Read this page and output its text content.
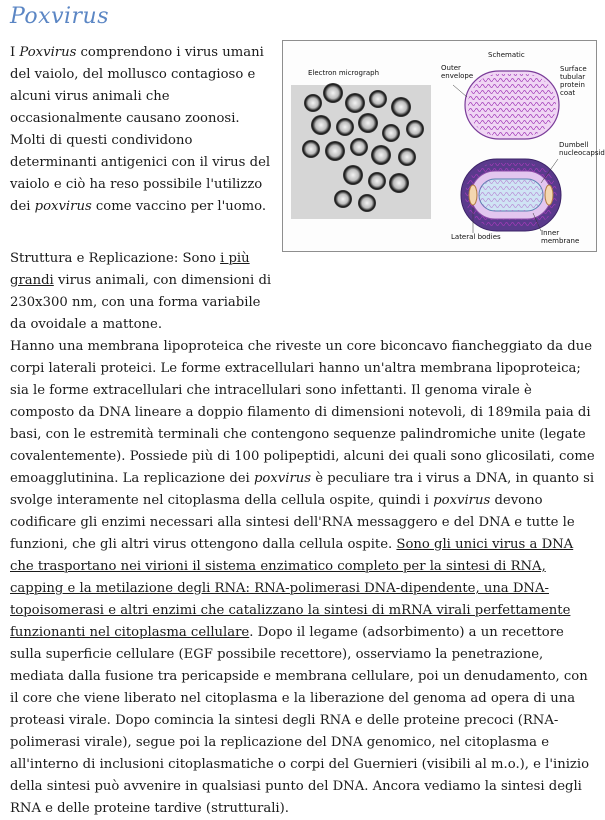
Poxvirus

I Poxvirus comprendono i virus umani del vaiolo, del mollusco contagioso e alcuni virus animali che occasionalmente causano zoonosi. Molti di questi condividono determinanti antigenici con il virus del vaiolo e ciò ha reso possibile l'utilizzo dei poxvirus come vaccino per l'uomo.

Electron micrograph
Schematic
Outer envelope
Surface tubular protein coat
Dumbell nucleocapsid
Lateral bodies	Inner membrane

Struttura e Replicazione: Sono i più grandi virus animali, con dimensioni di 230x300 nm, con una forma variabile da ovoidale a mattone.
Hanno una membrana lipoproteica che riveste un core biconcavo fiancheggiato da due corpi laterali proteici. Le forme extracellulari hanno un'altra membrana lipoproteica; sia le forme extracellulari che intracellulari sono infettanti. Il genoma virale è composto da DNA lineare a doppio filamento di dimensioni notevoli, di 189mila paia di basi, con le estremità terminali che contengono sequenze palindromiche unite (legate covalentemente). Possiede più di 100 polipeptidi, alcuni dei quali sono glicosilati, come emoagglutinina. La replicazione dei poxvirus è peculiare tra i virus a DNA, in quanto si svolge interamente nel citoplasma della cellula ospite, quindi i poxvirus devono codificare gli enzimi necessari alla sintesi dell'RNA messaggero e del DNA e tutte le funzioni, che gli altri virus ottengono dalla cellula ospite. Sono gli unici virus a DNA che trasportano nei virioni il sistema enzimatico completo per la sintesi di RNA, capping e la metilazione degli RNA: RNA-polimerasi DNA-dipendente, una DNA-topoisomerasi e altri enzimi che catalizzano la sintesi di mRNA virali perfettamente funzionanti nel citoplasma cellulare. Dopo il legame (adsorbimento) a un recettore sulla superficie cellulare (EGF possibile recettore), osserviamo la penetrazione, mediata dalla fusione tra pericapside e membrana cellulare, poi un denudamento, con il core che viene liberato nel citoplasma e la liberazione del genoma ad opera di una proteasi virale. Dopo comincia la sintesi degli RNA e delle proteine precoci (RNA-polimerasi virale), segue poi la replicazione del DNA genomico, nel citoplasma e all'interno di inclusioni citoplasmatiche o corpi del Guernieri (visibili al m.o.), e l'inizio della sintesi può avvenire in qualsiasi punto del DNA. Ancora vediamo la sintesi degli RNA e delle proteine tardive (strutturali).
